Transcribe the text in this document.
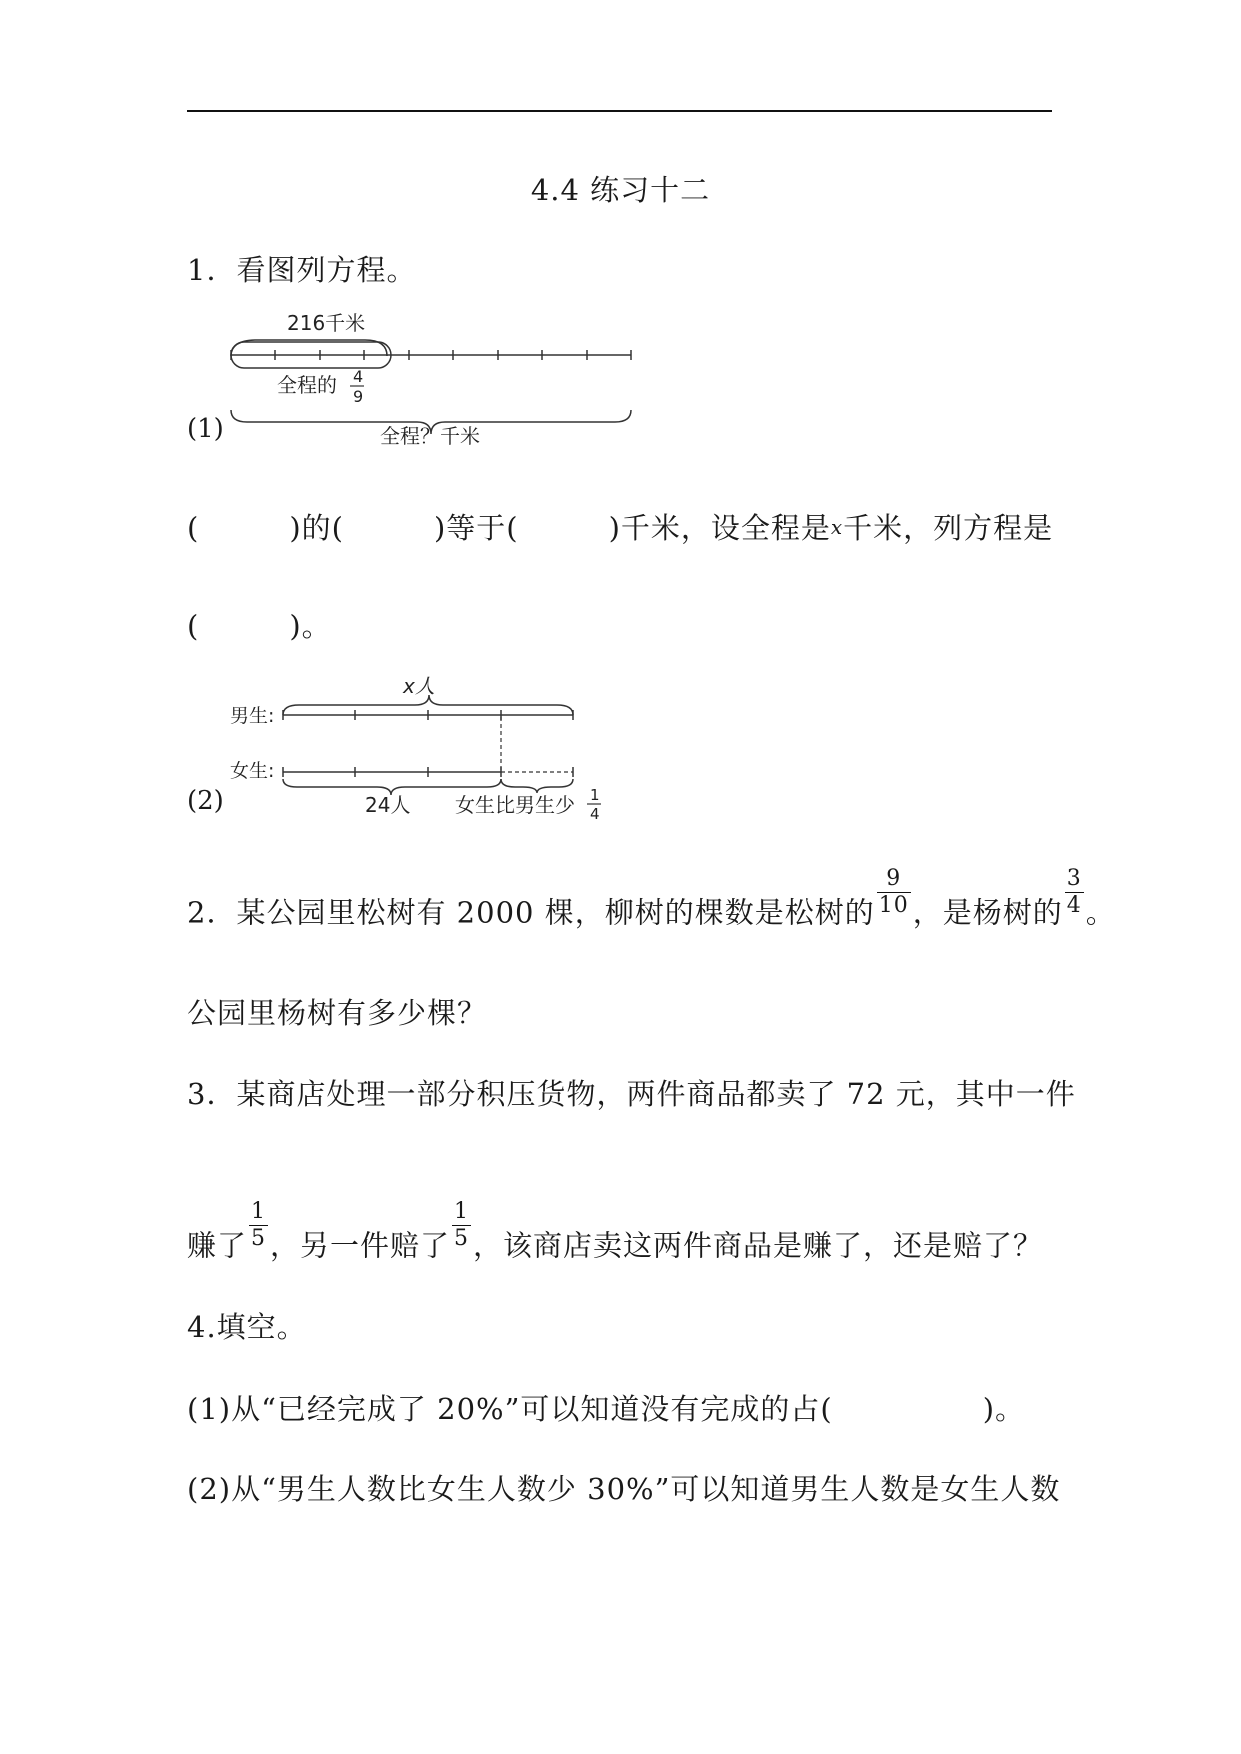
4.4 练习十二
1．看图列方程。
216千米
全程的 4
9
全程？千米
(1)
(　　　)的(　　　)等于(　　　)千米，设全程是x千米，列方程是
(　　　)。
x人
男生:
女生:
24人 女生比男生少 1
4
(2)
2．某公园里松树有 2000 棵，柳树的棵数是松树的 $\frac{9}{10}$ ，是杨树的 $\frac{3}{4}$ 。
公园里杨树有多少棵？
3．某商店处理一部分积压货物，两件商品都卖了 72 元，其中一件
赚了 $\frac{1}{5}$ ，另一件赔了 $\frac{1}{5}$ ，该商店卖这两件商品是赚了，还是赔了？
4.填空。
(1)从“已经完成了 20%”可以知道没有完成的占(　　　　　)。
(2)从“男生人数比女生人数少 30%”可以知道男生人数是女生人数
